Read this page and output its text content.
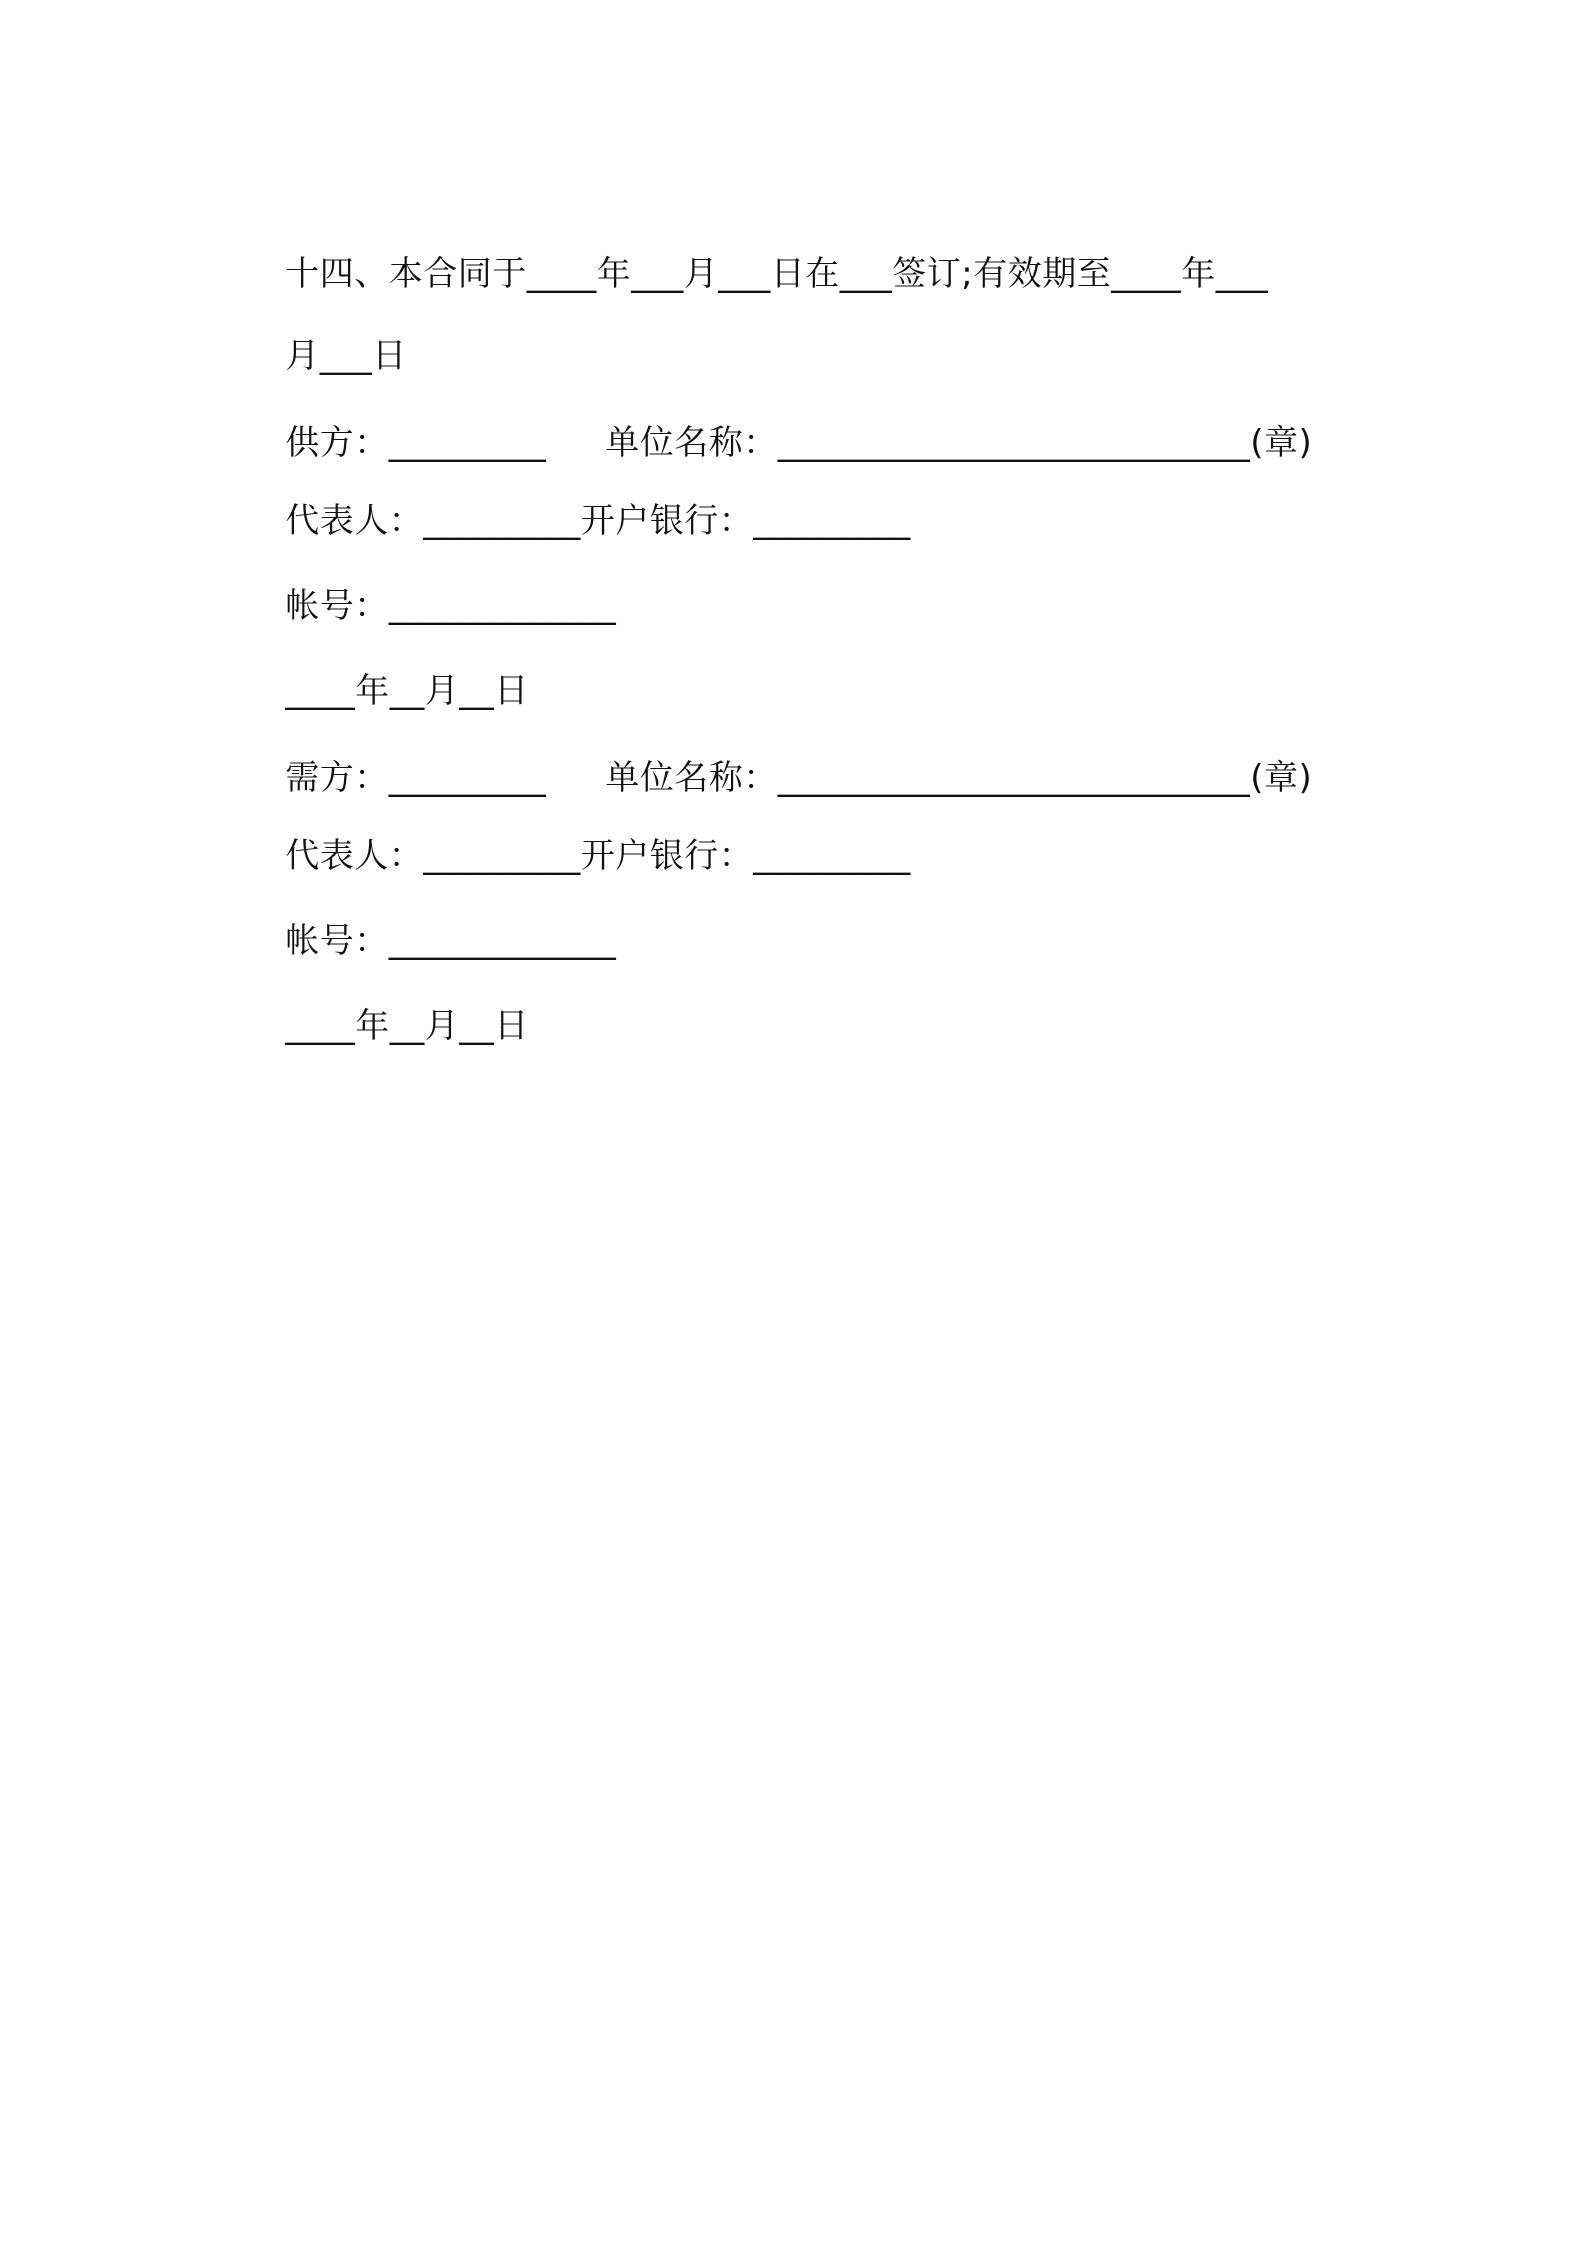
十四、本合同于____年___月___日在___签订;有效期至____年___

月___日

供方：_________
	单位名称：___________________________(章)

代表人：_________开户银行：_________

帐号：_____________

____年__月__日

需方：_________
	单位名称：___________________________(章)

代表人：_________开户银行：_________

帐号：_____________

____年__月__日
